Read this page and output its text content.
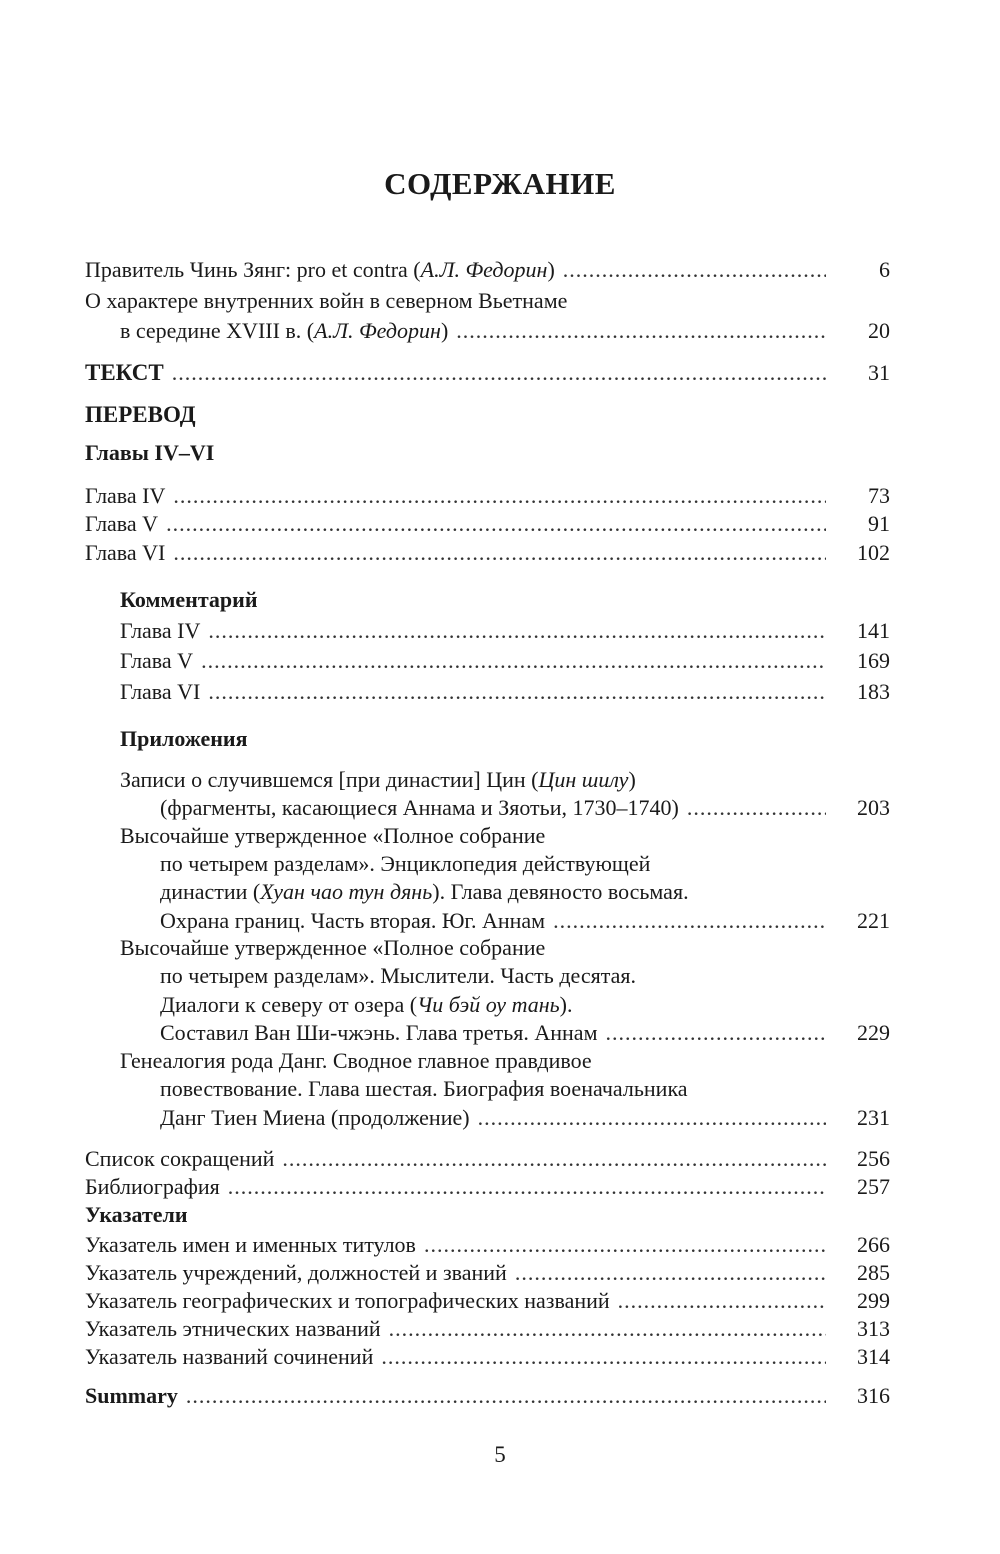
СОДЕРЖАНИЕ
Правитель Чинь Зянг: pro et contra (А.Л. Федорин) .....	6
О характере внутренних войн в северном Вьетнаме
в середине XVIII в. (А.Л. Федорин) .....	20
ТЕКСТ .....	31
ПЕРЕВОД
Главы IV–VI
Глава IV .....	73
Глава V .....	91
Глава VI .....	102
Комментарий
Глава IV .....	141
Глава V .....	169
Глава VI .....	183
Приложения
Записи о случившемся [при династии] Цин (Цин шилу)
(фрагменты, касающиеся Аннама и Зяотьи, 1730–1740) .....	203
Высочайше утвержденное «Полное собрание
по четырем разделам». Энциклопедия действующей
династии (Хуан чао тун дянь). Глава девяносто восьмая.
Охрана границ. Часть вторая. Юг. Аннам .....	221
Высочайше утвержденное «Полное собрание
по четырем разделам». Мыслители. Часть десятая.
Диалоги к северу от озера (Чи бэй оу тань).
Составил Ван Ши-чжэнь. Глава третья. Аннам .....	229
Генеалогия рода Данг. Сводное главное правдивое
повествование. Глава шестая. Биография военачальника
Данг Тиен Миена (продолжение) .....	231
Список сокращений .....	256
Библиография .....	257
Указатели
Указатель имен и именных титулов .....	266
Указатель учреждений, должностей и званий .....	285
Указатель географических и топографических названий .....	299
Указатель этнических названий .....	313
Указатель названий сочинений .....	314
Summary .....	316
5
